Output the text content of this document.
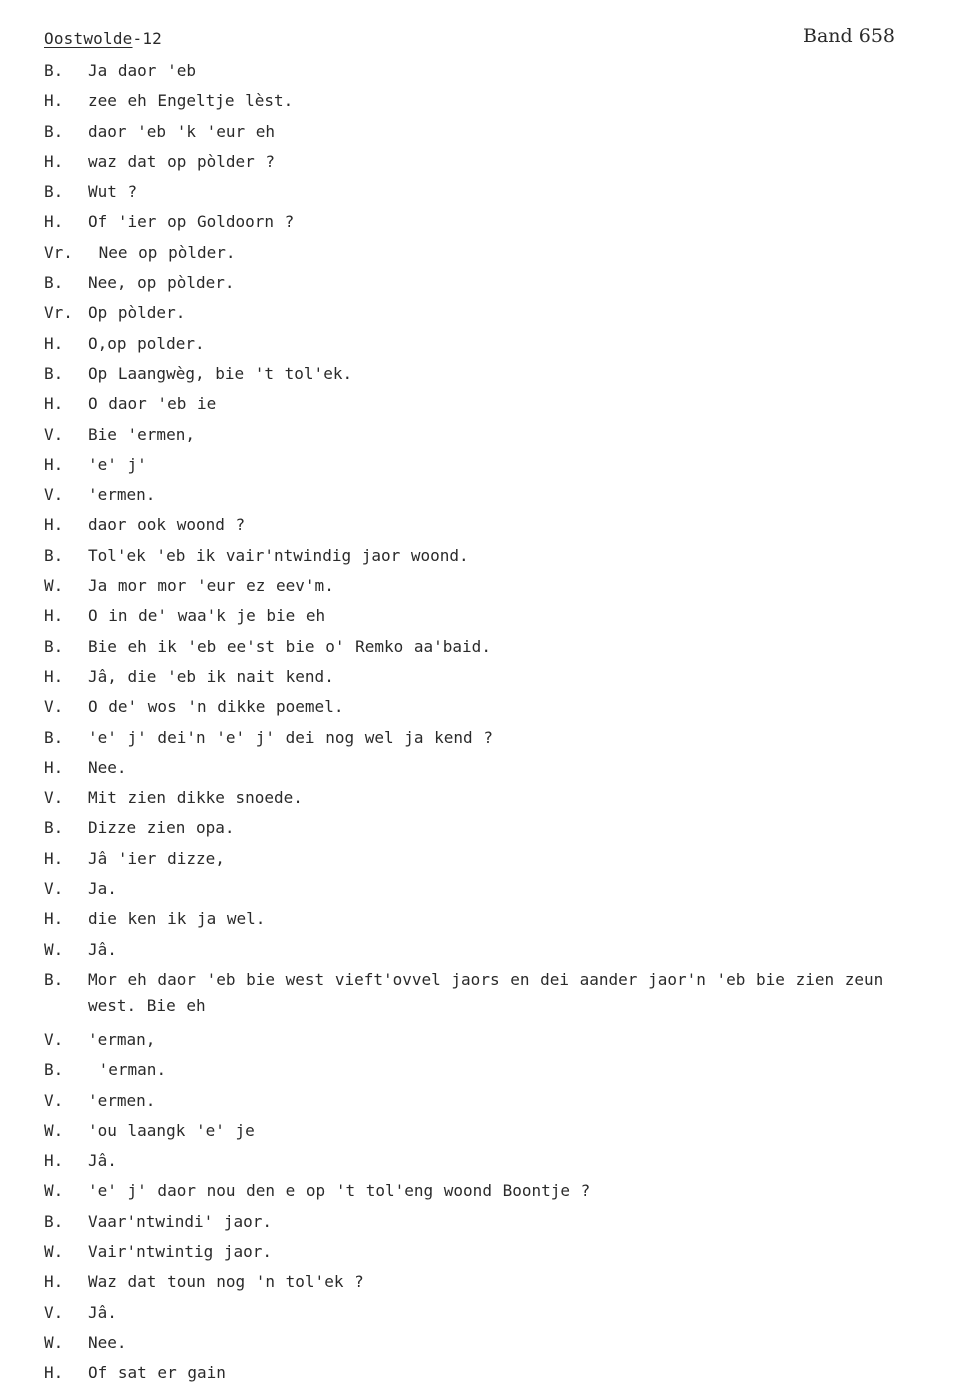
Oostwolde-12	Band 658
B.	Ja daor 'eb
H.	zee eh Engeltje lèst.
B.	daor 'eb 'k 'eur eh
H.	waz dat op pòlder ?
B.	Wut ?
H.	Of 'ier op Goldoorn ?
Vr. Nee op pòlder.
B.	Nee, op pòlder.
Vr. Op pòlder.
H.	O,op polder.
B.	Op Laangwèg, bie 't tol'ek.
H.	O daor 'eb ie
V.	Bie 'ermen,
H.	'e' j'
V.	'ermen.
H.	daor ook woond ?
B.	Tol'ek 'eb ik vair'ntwindig jaor woond.
W.	Ja mor mor 'eur ez eev'm.
H.	O in de' waa'k je bie eh
B.	Bie eh ik 'eb ee'st bie o' Remko aa'baid.
H.	Jâ, die 'eb ik nait kend.
V.	O de' wos 'n dikke poemel.
B.	'e' j' dei'n 'e' j' dei nog wel ja kend ?
H.	Nee.
V.	Mit zien dikke snoede.
B.	Dizze zien opa.
H.	Jâ 'ier dizze,
V.	Ja.
H.	die ken ik ja wel.
W.	Jâ.
B.	Mor eh daor 'eb bie west vieft'ovvel jaors en dei aander jaor'n 'eb bie zien zeun west. Bie eh
V.	'erman,
B.	'erman.
V.	'ermen.
W.	'ou laangk 'e' je
H.	Jâ.
W.	'e' j' daor nou den e op 't tol'eng woond Boontje ?
B.	Vaar'ntwindi' jaor.
W.	Vair'ntwintig jaor.
H.	Waz dat toun nog 'n tol'ek ?
V.	Jâ.
W.	Nee.
H.	Of sat er gain
